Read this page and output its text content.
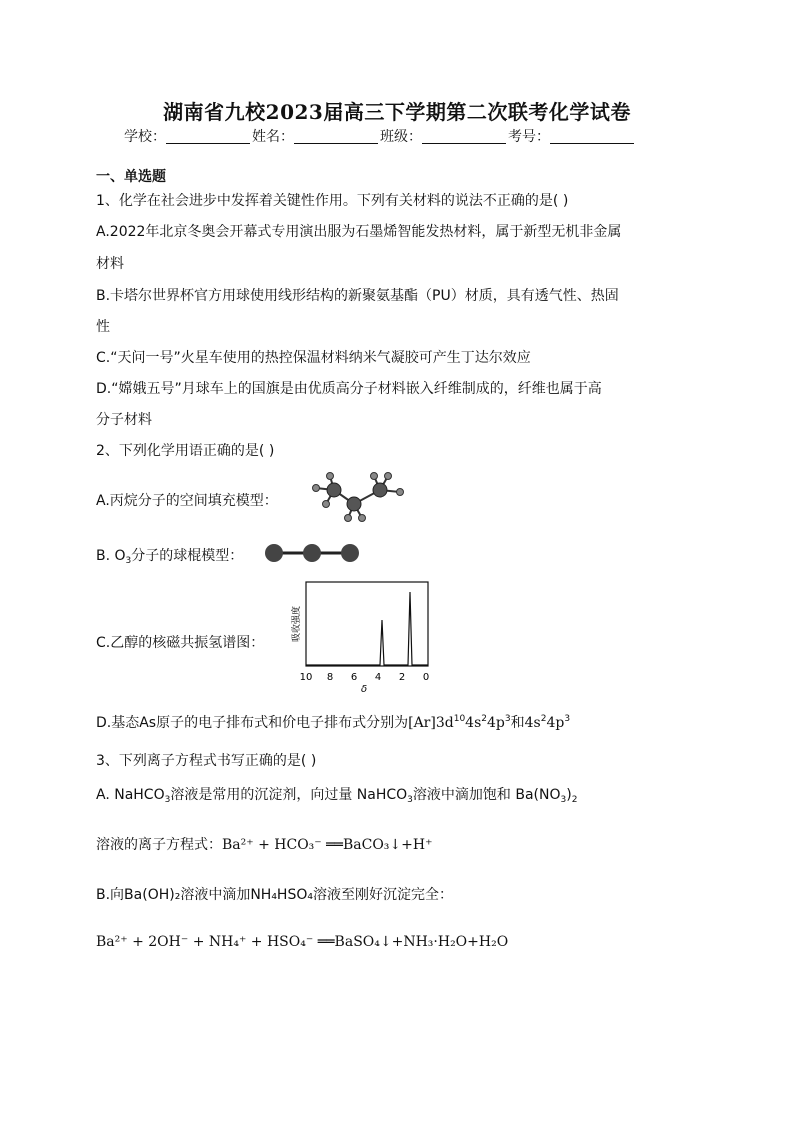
湖南省九校2023届高三下学期第二次联考化学试卷
学校：	姓名：	班级：	考号：
一、单选题
1、化学在社会进步中发挥着关键性作用。下列有关材料的说法不正确的是( )
A.2022年北京冬奥会开幕式专用演出服为石墨烯智能发热材料，属于新型无机非金属
材料
B.卡塔尔世界杯官方用球使用线形结构的新聚氨基酯（PU）材质，具有透气性、热固
性
C.“天问一号”火星车使用的热控保温材料纳米气凝胶可产生丁达尔效应
D.“嫦娥五号”月球车上的国旗是由优质高分子材料嵌入纤维制成的，纤维也属于高
分子材料
2、下列化学用语正确的是( )
A.丙烷分子的空间填充模型：
B. $O_3$分子的球棍模型：
C.乙醇的核磁共振氢谱图：
吸收强度
10 8 6 4 2 0
δ
D.基态As原子的电子排布式和价电子排布式分别为$[Ar]3d^{10}4s^24p^3$和$4s^24p^3$
3、下列离子方程式书写正确的是( )
A. NaHCO$_3$溶液是常用的沉淀剂，向过量 NaHCO$_3$溶液中滴加饱和 $Ba(NO_3)_2$
溶液的离子方程式：Ba²⁺ + HCO₃⁻ ══BaCO₃↓+H⁺
B.向Ba(OH)₂溶液中滴加NH₄HSO₄溶液至刚好沉淀完全：
Ba²⁺ + 2OH⁻ + NH₄⁺ + HSO₄⁻ ══BaSO₄↓+NH₃·H₂O+H₂O
